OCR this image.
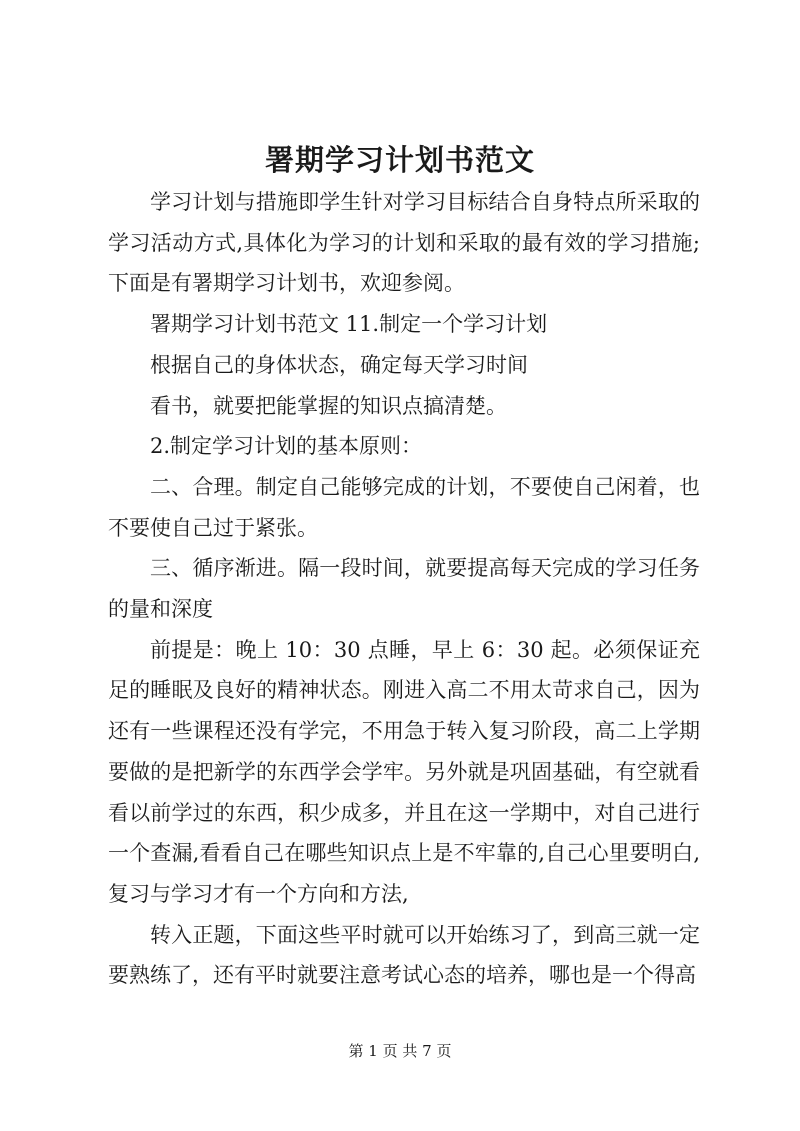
署期学习计划书范文

学习计划与措施即学生针对学习目标结合自身特点所采取的学习活动方式,具体化为学习的计划和采取的最有效的学习措施;下面是有署期学习计划书，欢迎参阅。

署期学习计划书范文 11.制定一个学习计划

根据自己的身体状态，确定每天学习时间

看书，就要把能掌握的知识点搞清楚。

2.制定学习计划的基本原则：

二、合理。制定自己能够完成的计划，不要使自己闲着，也不要使自己过于紧张。

三、循序渐进。隔一段时间，就要提高每天完成的学习任务的量和深度

前提是：晚上 10：30 点睡，早上 6：30 起。必须保证充足的睡眠及良好的精神状态。刚进入高二不用太苛求自己，因为还有一些课程还没有学完，不用急于转入复习阶段，高二上学期要做的是把新学的东西学会学牢。另外就是巩固基础，有空就看看以前学过的东西，积少成多，并且在这一学期中，对自己进行一个查漏,看看自己在哪些知识点上是不牢靠的,自己心里要明白,复习与学习才有一个方向和方法,

转入正题，下面这些平时就可以开始练习了，到高三就一定要熟练了，还有平时就要注意考试心态的培养，哪也是一个得高

第 1 页 共 7 页
